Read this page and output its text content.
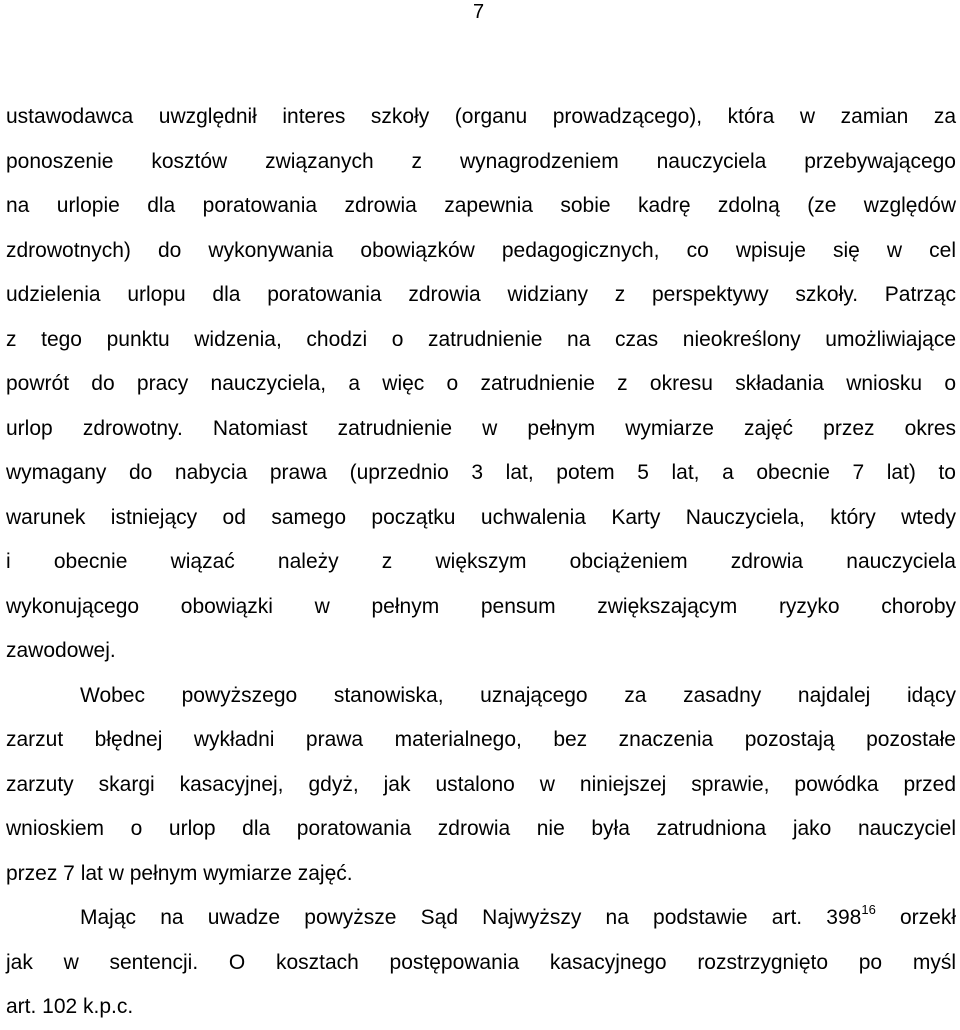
7
ustawodawca uwzględnił interes szkoły (organu prowadzącego), która w zamian za
ponoszenie kosztów związanych z wynagrodzeniem nauczyciela przebywającego
na urlopie dla poratowania zdrowia zapewnia sobie kadrę zdolną (ze względów
zdrowotnych) do wykonywania obowiązków pedagogicznych, co wpisuje się w cel
udzielenia urlopu dla poratowania zdrowia widziany z perspektywy szkoły. Patrząc
z tego punktu widzenia, chodzi o zatrudnienie na czas nieokreślony umożliwiające
powrót do pracy nauczyciela, a więc o zatrudnienie z okresu składania wniosku o
urlop zdrowotny. Natomiast zatrudnienie w pełnym wymiarze zajęć przez okres
wymagany do nabycia prawa (uprzednio 3 lat, potem 5 lat, a obecnie 7 lat) to
warunek istniejący od samego początku uchwalenia Karty Nauczyciela, który wtedy
i obecnie wiązać należy z większym obciążeniem zdrowia nauczyciela
wykonującego obowiązki w pełnym pensum zwiększającym ryzyko choroby
zawodowej.
Wobec powyższego stanowiska, uznającego za zasadny najdalej idący
zarzut błędnej wykładni prawa materialnego, bez znaczenia pozostają pozostałe
zarzuty skargi kasacyjnej, gdyż, jak ustalono w niniejszej sprawie, powódka przed
wnioskiem o urlop dla poratowania zdrowia nie była zatrudniona jako nauczyciel
przez 7 lat w pełnym wymiarze zajęć.
Mając na uwadze powyższe Sąd Najwyższy na podstawie art. $398^{16}$ orzekł
jak w sentencji. O kosztach postępowania kasacyjnego rozstrzygnięto po myśl
art. 102 k.p.c.
